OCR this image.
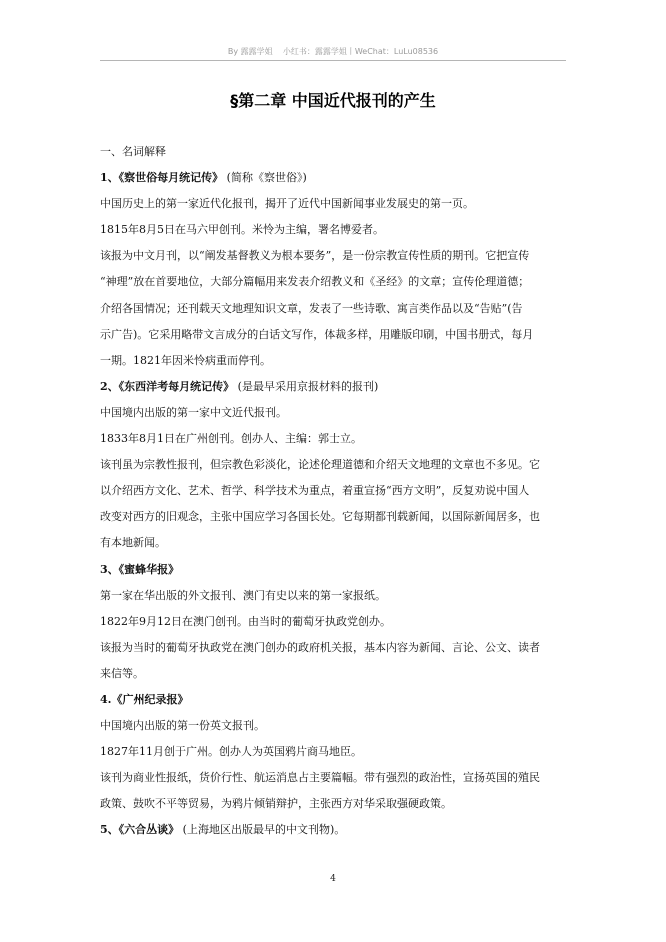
By 露露学姐    小红书：露露学姐丨WeChat：LuLu08536
§第二章 中国近代报刊的产生
一、名词解释
1、《察世俗每月统记传》 (简称《察世俗》)
中国历史上的第一家近代化报刊，揭开了近代中国新闻事业发展史的第一页。
1815年8月5日在马六甲创刊。米怜为主编，署名博爱者。
该报为中文月刊，以“阐发基督教义为根本要务”，是一份宗教宣传性质的期刊。它把宣传
“神理”放在首要地位，大部分篇幅用来发表介绍教义和《圣经》的文章；宣传伦理道德；
介绍各国情况；还刊载天文地理知识文章，发表了一些诗歌、寓言类作品以及“告贴”(告
示广告)。它采用略带文言成分的白话文写作，体裁多样，用雕版印刷，中国书册式，每月
一期。1821年因米怜病重而停刊。
2、《东西洋考每月统记传》 (是最早采用京报材料的报刊)
中国境内出版的第一家中文近代报刊。
1833年8月1日在广州创刊。创办人、主编：郭士立。
该刊虽为宗教性报刊，但宗教色彩淡化，论述伦理道德和介绍天文地理的文章也不多见。它
以介绍西方文化、艺术、哲学、科学技术为重点，着重宣扬“西方文明”，反复劝说中国人
改变对西方的旧观念，主张中国应学习各国长处。它每期都刊载新闻，以国际新闻居多，也
有本地新闻。
3、《蜜蜂华报》
第一家在华出版的外文报刊、澳门有史以来的第一家报纸。
1822年9月12日在澳门创刊。由当时的葡萄牙执政党创办。
该报为当时的葡萄牙执政党在澳门创办的政府机关报，基本内容为新闻、言论、公文、读者
来信等。
4.《广州纪录报》
中国境内出版的第一份英文报刊。
1827年11月创于广州。创办人为英国鸦片商马地臣。
该刊为商业性报纸，货价行性、航运消息占主要篇幅。带有强烈的政治性，宣扬英国的殖民
政策、鼓吹不平等贸易，为鸦片倾销辩护，主张西方对华采取强硬政策。
5、《六合丛谈》 (上海地区出版最早的中文刊物)。
4
